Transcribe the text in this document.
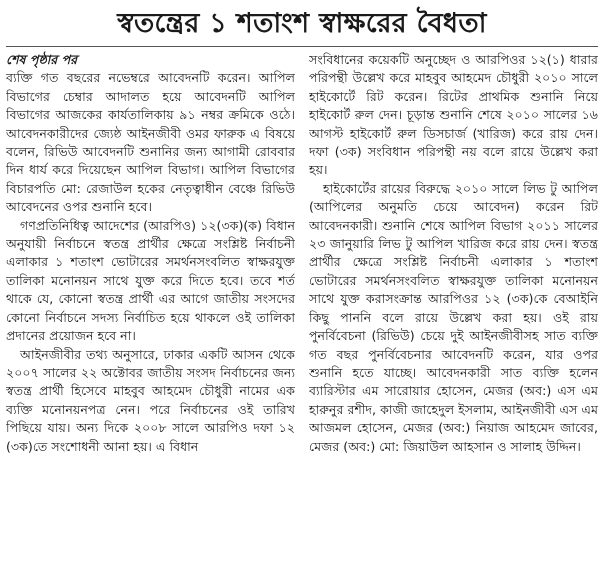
স্বতন্ত্রের ১ শতাংশ স্বাক্ষরের বৈধতা
শেষ পৃষ্ঠার পর

ব্যক্তি গত বছরের নভেম্বরে আবেদনটি করেন। আপিল বিভাগের চেম্বার আদালত হয়ে আবেদনটি আপিল বিভাগের আজকের কার্যতালিকায় ৯১ নম্বর ক্রমিকে ওঠে। আবেদনকারীদের জ্যেষ্ঠ আইনজীবী ওমর ফারুক এ বিষয়ে বলেন, রিভিউ আবেদনটি শুনানির জন্য আগামী রোববার দিন ধার্য করে দিয়েছেন আপিল বিভাগ। আপিল বিভাগের বিচারপতি মো: রেজাউল হকের নেতৃত্বাধীন বেঞ্চে রিভিউ আবেদনের ওপর শুনানি হবে।

গণপ্রতিনিধিত্ব আদেশের (আরপিও) ১২(৩ক)(ক) বিধান অনুযায়ী নির্বাচনে স্বতন্ত্র প্রার্থীর ক্ষেত্রে সংশ্লিষ্ট নির্বাচনী এলাকার ১ শতাংশ ভোটারের সমর্থনসংবলিত স্বাক্ষরযুক্ত তালিকা মনোনয়ন সাথে যুক্ত করে দিতে হবে। তবে শর্ত থাকে যে, কোনো স্বতন্ত্র প্রার্থী এর আগে জাতীয় সংসদের কোনো নির্বাচনে সদস্য নির্বাচিত হয়ে থাকলে ওই তালিকা প্রদানের প্রয়োজন হবে না।

আইনজীবীর তথ্য অনুসারে, ঢাকার একটি আসন থেকে ২০০৭ সালের ২২ অক্টোবর জাতীয় সংসদ নির্বাচনের জন্য স্বতন্ত্র প্রার্থী হিসেবে মাহবুব আহমেদ চৌধুরী নামের এক ব্যক্তি মনোনয়নপত্র নেন। পরে নির্বাচনের ওই তারিখ পিছিয়ে যায়। অন্য দিকে ২০০৮ সালে আরপিও দফা ১২ (৩ক)তে সংশোধনী আনা হয়। এ বিধান

সংবিধানের কয়েকটি অনুচ্ছেদ ও আরপিওর ১২(১) ধারার পরিপন্থী উল্লেখ করে মাহবুব আহমেদ চৌধুরী ২০১০ সালে হাইকোর্টে রিট করেন। রিটের প্রাথমিক শুনানি নিয়ে হাইকোর্ট রুল দেন। চূড়ান্ত শুনানি শেষে ২০১০ সালের ১৬ আগস্ট হাইকোর্ট রুল ডিসচার্জ (খারিজ) করে রায় দেন। দফা (৩ক) সংবিধান পরিপন্থী নয় বলে রায়ে উল্লেখ করা হয়।

হাইকোর্টের রায়ের বিরুদ্ধে ২০১০ সালে লিভ টু আপিল (আপিলের অনুমতি চেয়ে আবেদন) করেন রিট আবেদনকারী। শুনানি শেষে আপিল বিভাগ ২০১১ সালের ২৩ জানুয়ারি লিভ টু আপিল খারিজ করে রায় দেন। স্বতন্ত্র প্রার্থীর ক্ষেত্রে সংশ্লিষ্ট নির্বাচনী এলাকার ১ শতাংশ ভোটারের সমর্থনসংবলিত স্বাক্ষরযুক্ত তালিকা মনোনয়ন সাথে যুক্ত করাসংক্রান্ত আরপিওর ১২ (৩ক)কে বেআইনি কিছু পাননি বলে রায়ে উল্লেখ করা হয়। ওই রায় পুনর্বিবেচনা (রিভিউ) চেয়ে দুই আইনজীবীসহ সাত ব্যক্তি গত বছর পুনর্বিবেচনার আবেদনটি করেন, যার ওপর শুনানি হতে যাচ্ছে। আবেদনকারী সাত ব্যক্তি হলেন ব্যারিস্টার এম সারোয়ার হোসেন, মেজর (অব:) এস এম হারুনুর রশীদ, কাজী জাহেদুল ইসলাম, আইনজীবী এস এম আজমল হোসেন, মেজর (অব:) নিয়াজ আহমেদ জাবের, মেজর (অব:) মো: জিয়াউল আহসান ও সালাহ উদ্দিন।
